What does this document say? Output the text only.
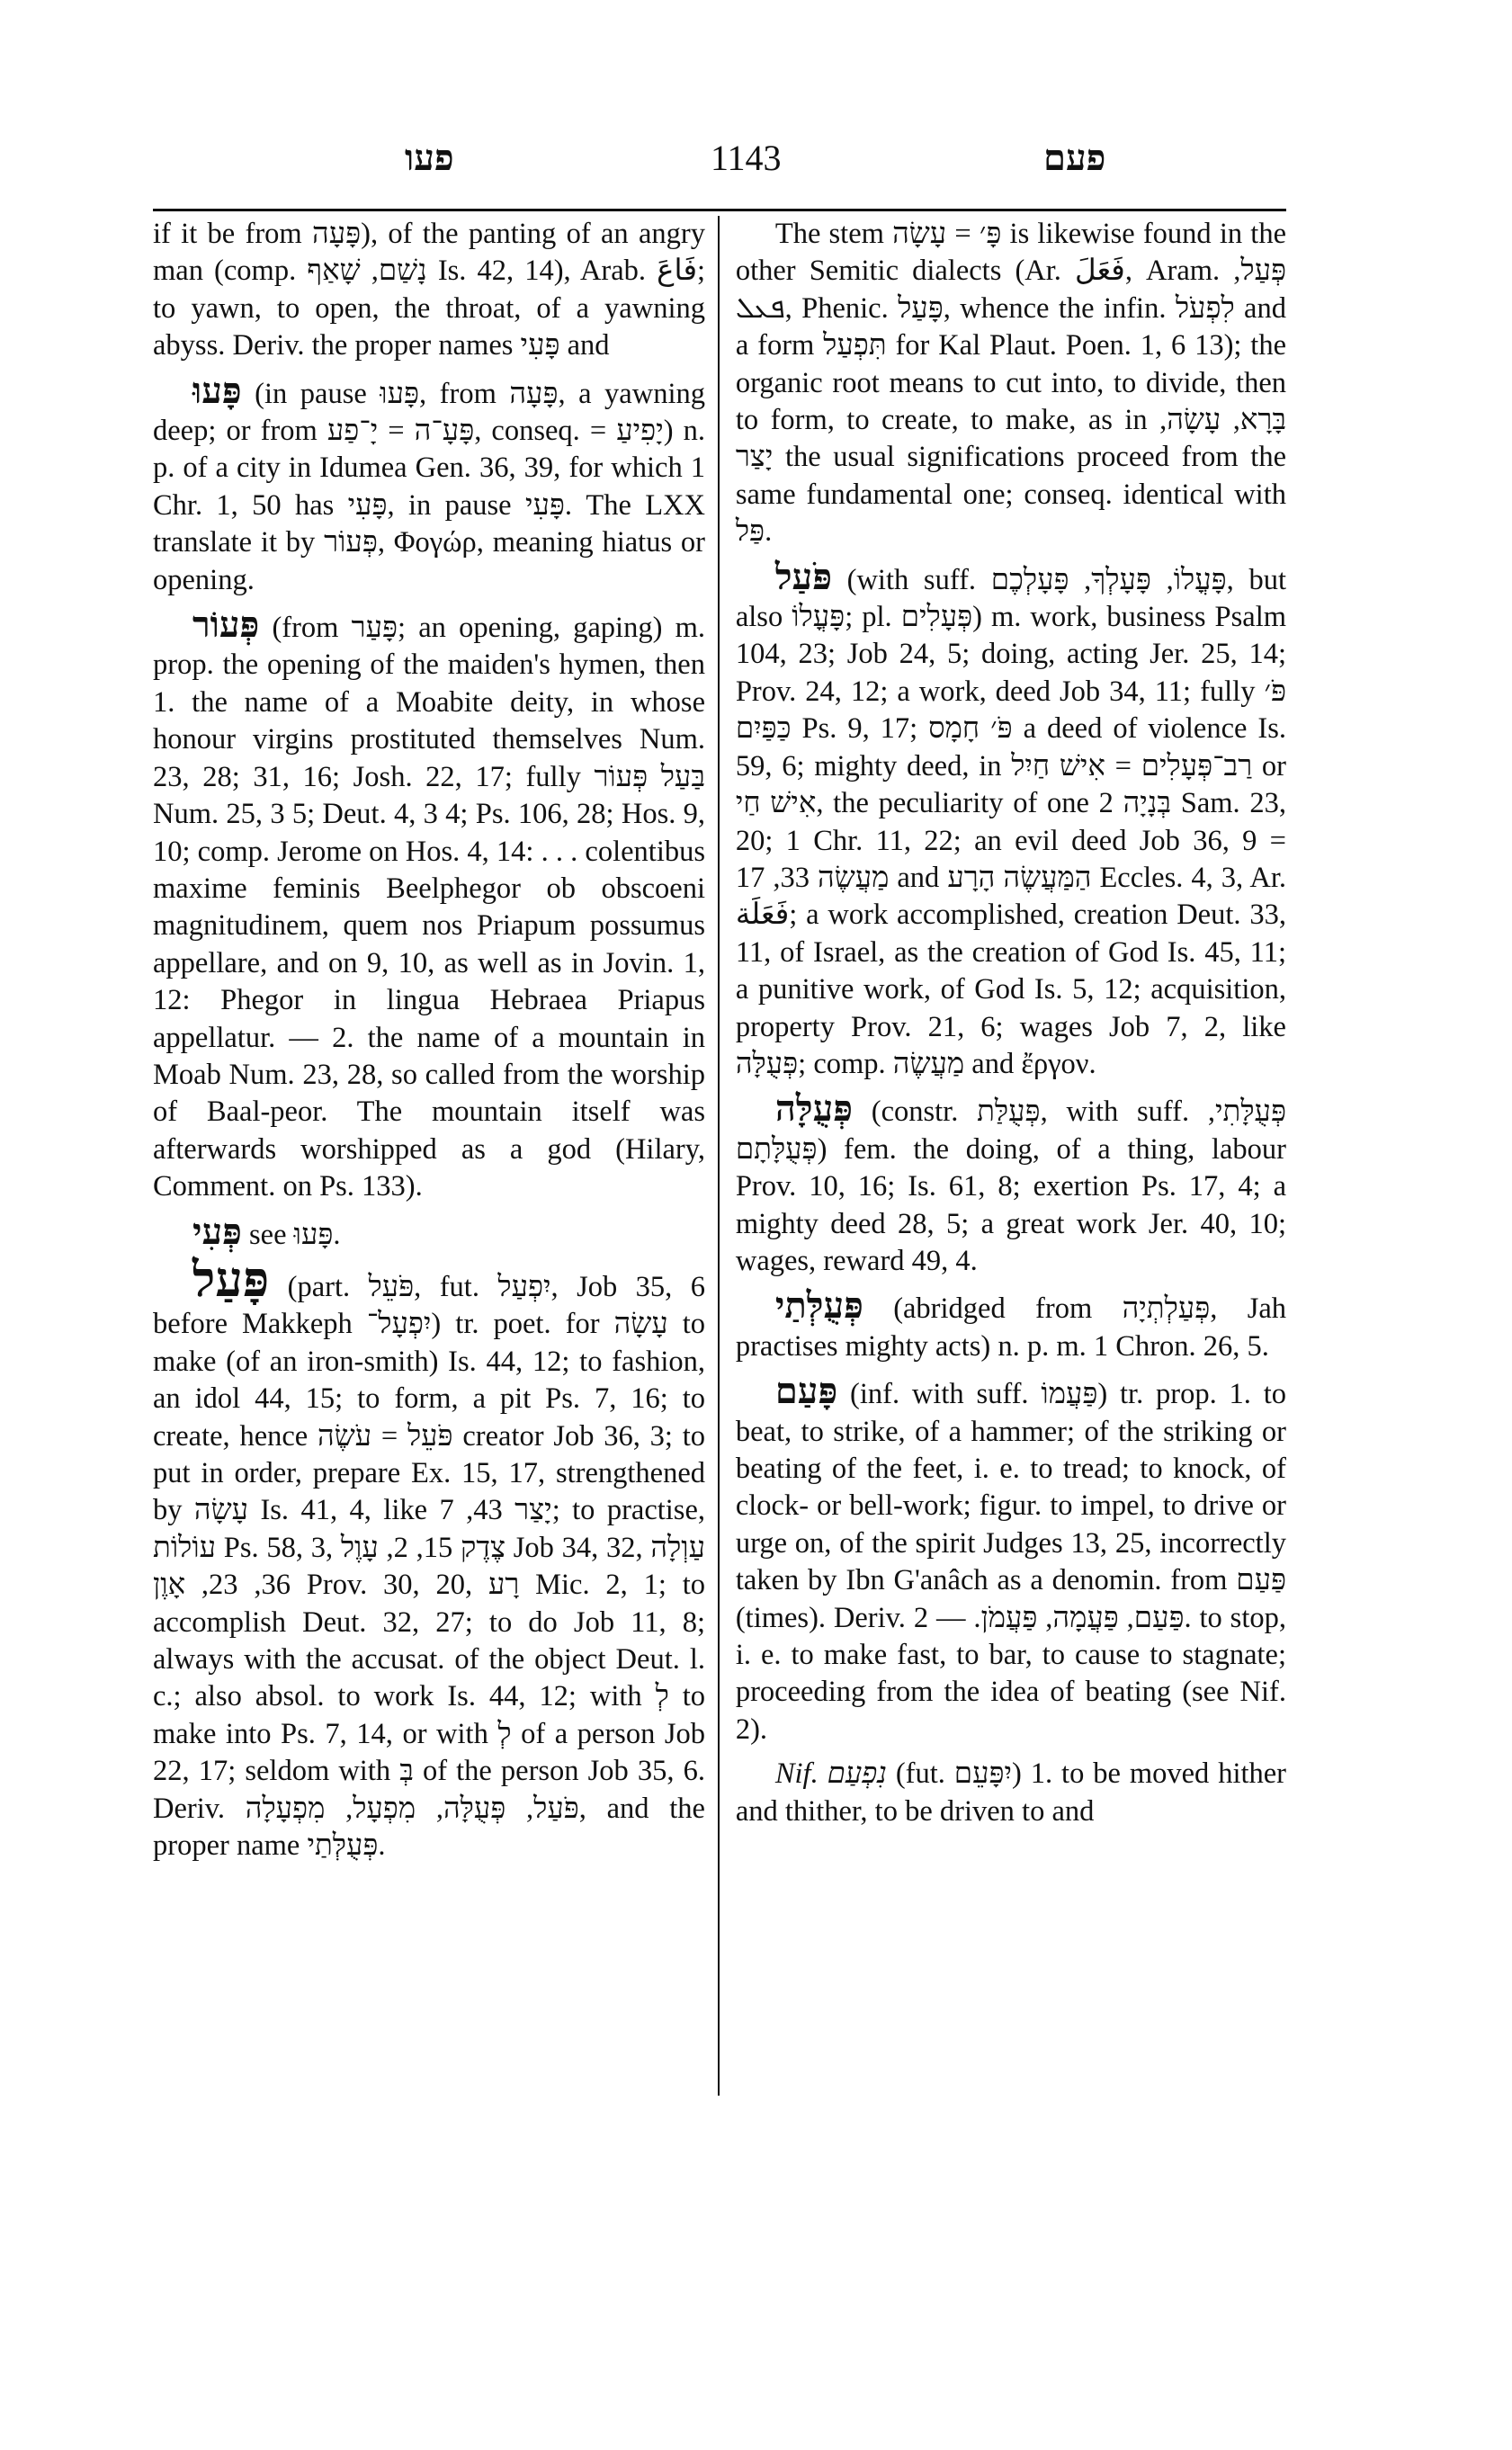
פעו	1143	פעם

if it be from פָּעָה), of the panting of an angry man (comp. נָשַׁם, שָׁאַף Is. 42, 14), Arab. فَاعَ; to yawn, to open, the throat, of a yawning abyss. Deriv. the proper names פָּעִי and

פָּעוּ (in pause פָּעוּ, from פָּעָה, a yawning deep; or from פָּעָ־ה = יָ־פַע, conseq. = יָפִיעַ) n. p. of a city in Idumea Gen. 36, 39, for which 1 Chr. 1, 50 has פָּעִי, in pause פָּעִי. The LXX translate it by פְּעוֹר, Φογώρ, meaning hiatus or opening.

פְּעוֹר (from פָּעַר; an opening, gaping) m. prop. the opening of the maiden's hymen, then 1. the name of a Moabite deity, in whose honour virgins prostituted themselves Num. 23, 28; 31, 16; Josh. 22, 17; fully בַּעַל פְּעוֹר Num. 25, 3 5; Deut. 4, 3 4; Ps. 106, 28; Hos. 9, 10; comp. Jerome on Hos. 4, 14: . . . colentibus maxime feminis Beelphegor ob obscoeni magnitudinem, quem nos Priapum possumus appellare, and on 9, 10, as well as in Jovin. 1, 12: Phegor in lingua Hebraea Priapus appellatur. — 2. the name of a mountain in Moab Num. 23, 28, so called from the worship of Baal-peor. The mountain itself was afterwards worshipped as a god (Hilary, Comment. on Ps. 133).

פְּעִי see פָּעוּ.

פָּעַל (part. פֹּעֵל, fut. יִפְעַל, Job 35, 6 before Makkeph יִפְעָל־) tr. poet. for עָשָׂה to make (of an iron-smith) Is. 44, 12; to fashion, an idol 44, 15; to form, a pit Ps. 7, 16; to create, hence פֹּעֵל = עֹשֶׂה creator Job 36, 3; to put in order, prepare Ex. 15, 17, strengthened by עָשָׂה Is. 41, 4, like יָצַר 43, 7; to practise, עוֹלוֹת Ps. 58, 3, צֶדֶק 15, 2, עָוֶל Job 34, 32, עַוְלָה 36, 23, אָוֶן Prov. 30, 20, רָע Mic. 2, 1; to accomplish Deut. 32, 27; to do Job 11, 8; always with the accusat. of the object Deut. l. c.; also absol. to work Is. 44, 12; with לְ to make into Ps. 7, 14, or with לְ of a person Job 22, 17; seldom with בְּ of the person Job 35, 6. Deriv. פֹּעַל, פְּעֻלָּה, מִפְעָל, מִפְעָלָה, and the proper name פְּעֻלְּתַי.

The stem פָּ׳ = עָשָׂה is likewise found in the other Semitic dialects (Ar. فَعَلَ, Aram. פְּעַל, ܦܥܠ, Phenic. פָּעַל, whence the infin. לִפְעֹל and a form תִּפְעַל for Kal Plaut. Poen. 1, 6 13); the organic root means to cut into, to divide, then to form, to create, to make, as in בָּרָא, עָשָׂה, יָצַר the usual significations proceed from the same fundamental one; conseq. identical with פַּל.

פֹּעַל (with suff. פָּעֳלוֹ, פָּעָלְךָ, פָּעָלְכֶם, but also פָּעֳלוֹ; pl. פְּעָלִים) m. work, business Psalm 104, 23; Job 24, 5; doing, acting Jer. 25, 14; Prov. 24, 12; a work, deed Job 34, 11; fully פֹּ׳ כַּפַּיִם Ps. 9, 17; פֹּ׳ חָמָס a deed of violence Is. 59, 6; mighty deed, in רַב־פְּעָלִים = אִישׁ חַיִל or אִישׁ חַי, the peculiarity of one בְּנָיָה 2 Sam. 23, 20; 1 Chr. 11, 22; an evil deed Job 36, 9 = מַעֲשֶׂה 33, 17 and הַמַּעֲשֶׂה הָרָע Eccles. 4, 3, Ar. فَعَلَة; a work accomplished, creation Deut. 33, 11, of Israel, as the creation of God Is. 45, 11; a punitive work, of God Is. 5, 12; acquisition, property Prov. 21, 6; wages Job 7, 2, like פְּעֻלָּה; comp. מַעֲשֶׂה and ἔργον.

פְּעֻלָּה (constr. פְּעֻלַּת, with suff. פְּעֻלָּתִי, פְּעֻלָּתָם) fem. the doing, of a thing, labour Prov. 10, 16; Is. 61, 8; exertion Ps. 17, 4; a mighty deed 28, 5; a great work Jer. 40, 10; wages, reward 49, 4.

פְּעֻלְּתַי (abridged from פְּעַלְתְיָה, Jah practises mighty acts) n. p. m. 1 Chron. 26, 5.

פָּעַם (inf. with suff. פַּעֲמוֹ) tr. prop. 1. to beat, to strike, of a hammer; of the striking or beating of the feet, i. e. to tread; to knock, of clock- or bell-work; figur. to impel, to drive or urge on, of the spirit Judges 13, 25, incorrectly taken by Ibn G'anâch as a denomin. from פַּעַם (times). Deriv. פַּעַם, פַּעֲמָה, פַּעֲמֹן. — 2. to stop, i. e. to make fast, to bar, to cause to stagnate; proceeding from the idea of beating (see Nif. 2).

Nif. נִפְעַם (fut. יִפָּעֵם) 1. to be moved hither and thither, to be driven to and
